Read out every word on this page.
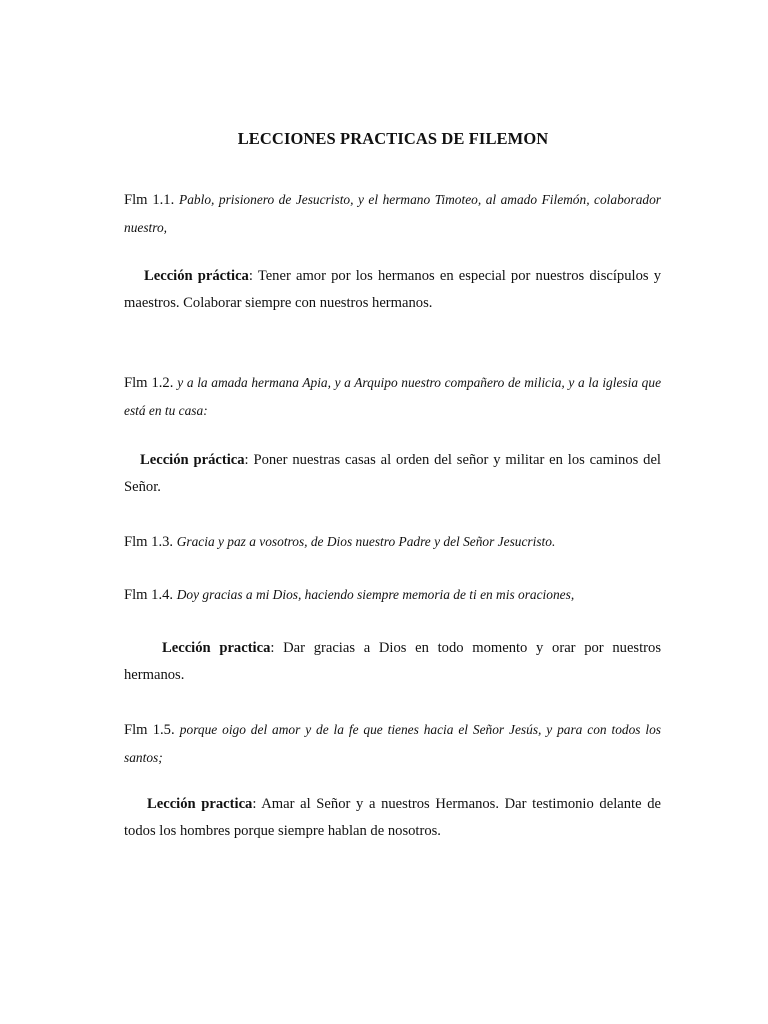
LECCIONES PRACTICAS DE FILEMON
Flm 1.1. Pablo, prisionero de Jesucristo, y el hermano Timoteo, al amado Filemón, colaborador nuestro,
Lección práctica: Tener amor por los hermanos en especial por nuestros discípulos y maestros. Colaborar siempre con nuestros hermanos.
Flm 1.2. y a la amada hermana Apia, y a Arquipo nuestro compañero de milicia, y a la iglesia que está en tu casa:
Lección práctica: Poner nuestras casas al orden del señor y militar en los caminos del Señor.
Flm 1.3. Gracia y paz a vosotros, de Dios nuestro Padre y del Señor Jesucristo.
Flm 1.4. Doy gracias a mi Dios, haciendo siempre memoria de ti en mis oraciones,
Lección practica: Dar gracias a Dios en todo momento y orar por nuestros hermanos.
Flm 1.5. porque oigo del amor y de la fe que tienes hacia el Señor Jesús, y para con todos los santos;
Lección practica: Amar al Señor y a nuestros Hermanos. Dar testimonio delante de todos los hombres porque siempre hablan de nosotros.
